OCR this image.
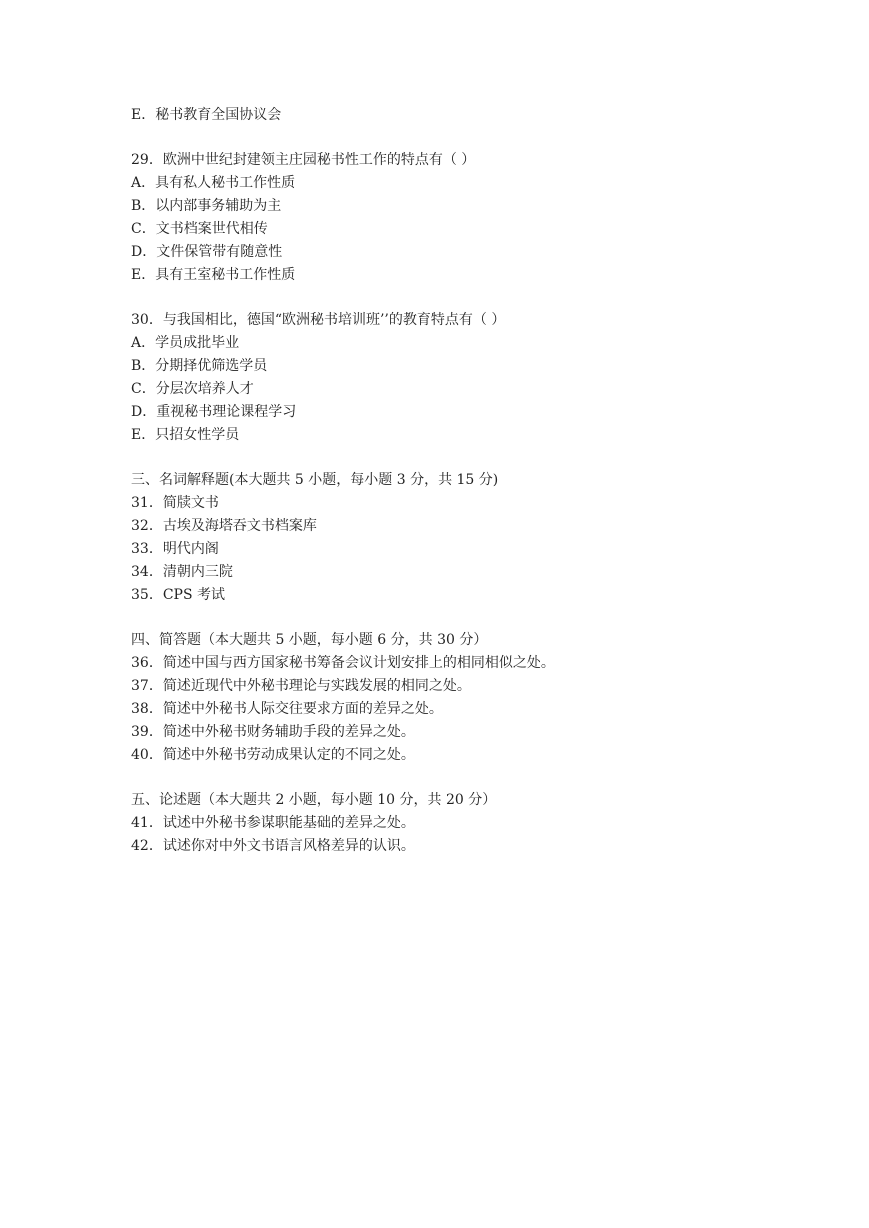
E．秘书教育全国协议会
29．欧洲中世纪封建领主庄园秘书性工作的特点有（ ）
A．具有私人秘书工作性质
B．以内部事务辅助为主
C．文书档案世代相传
D．文件保管带有随意性
E．具有王室秘书工作性质
30．与我国相比，德国“欧洲秘书培训班’’的教育特点有（ ）
A．学员成批毕业
B．分期择优筛选学员
C．分层次培养人才
D．重视秘书理论课程学习
E．只招女性学员
三、名词解释题(本大题共 5 小题，每小题 3 分，共 15 分)
31．简牍文书
32．古埃及海塔吞文书档案库
33．明代内阁
34．清朝内三院
35．CPS 考试
四、简答题（本大题共 5 小题，每小题 6 分，共 30 分）
36．简述中国与西方国家秘书筹备会议计划安排上的相同相似之处。
37．简述近现代中外秘书理论与实践发展的相同之处。
38．简述中外秘书人际交往要求方面的差异之处。
39．简述中外秘书财务辅助手段的差异之处。
40．简述中外秘书劳动成果认定的不同之处。
五、论述题（本大题共 2 小题，每小题 10 分，共 20 分）
41．试述中外秘书参谋职能基础的差异之处。
42．试述你对中外文书语言风格差异的认识。
